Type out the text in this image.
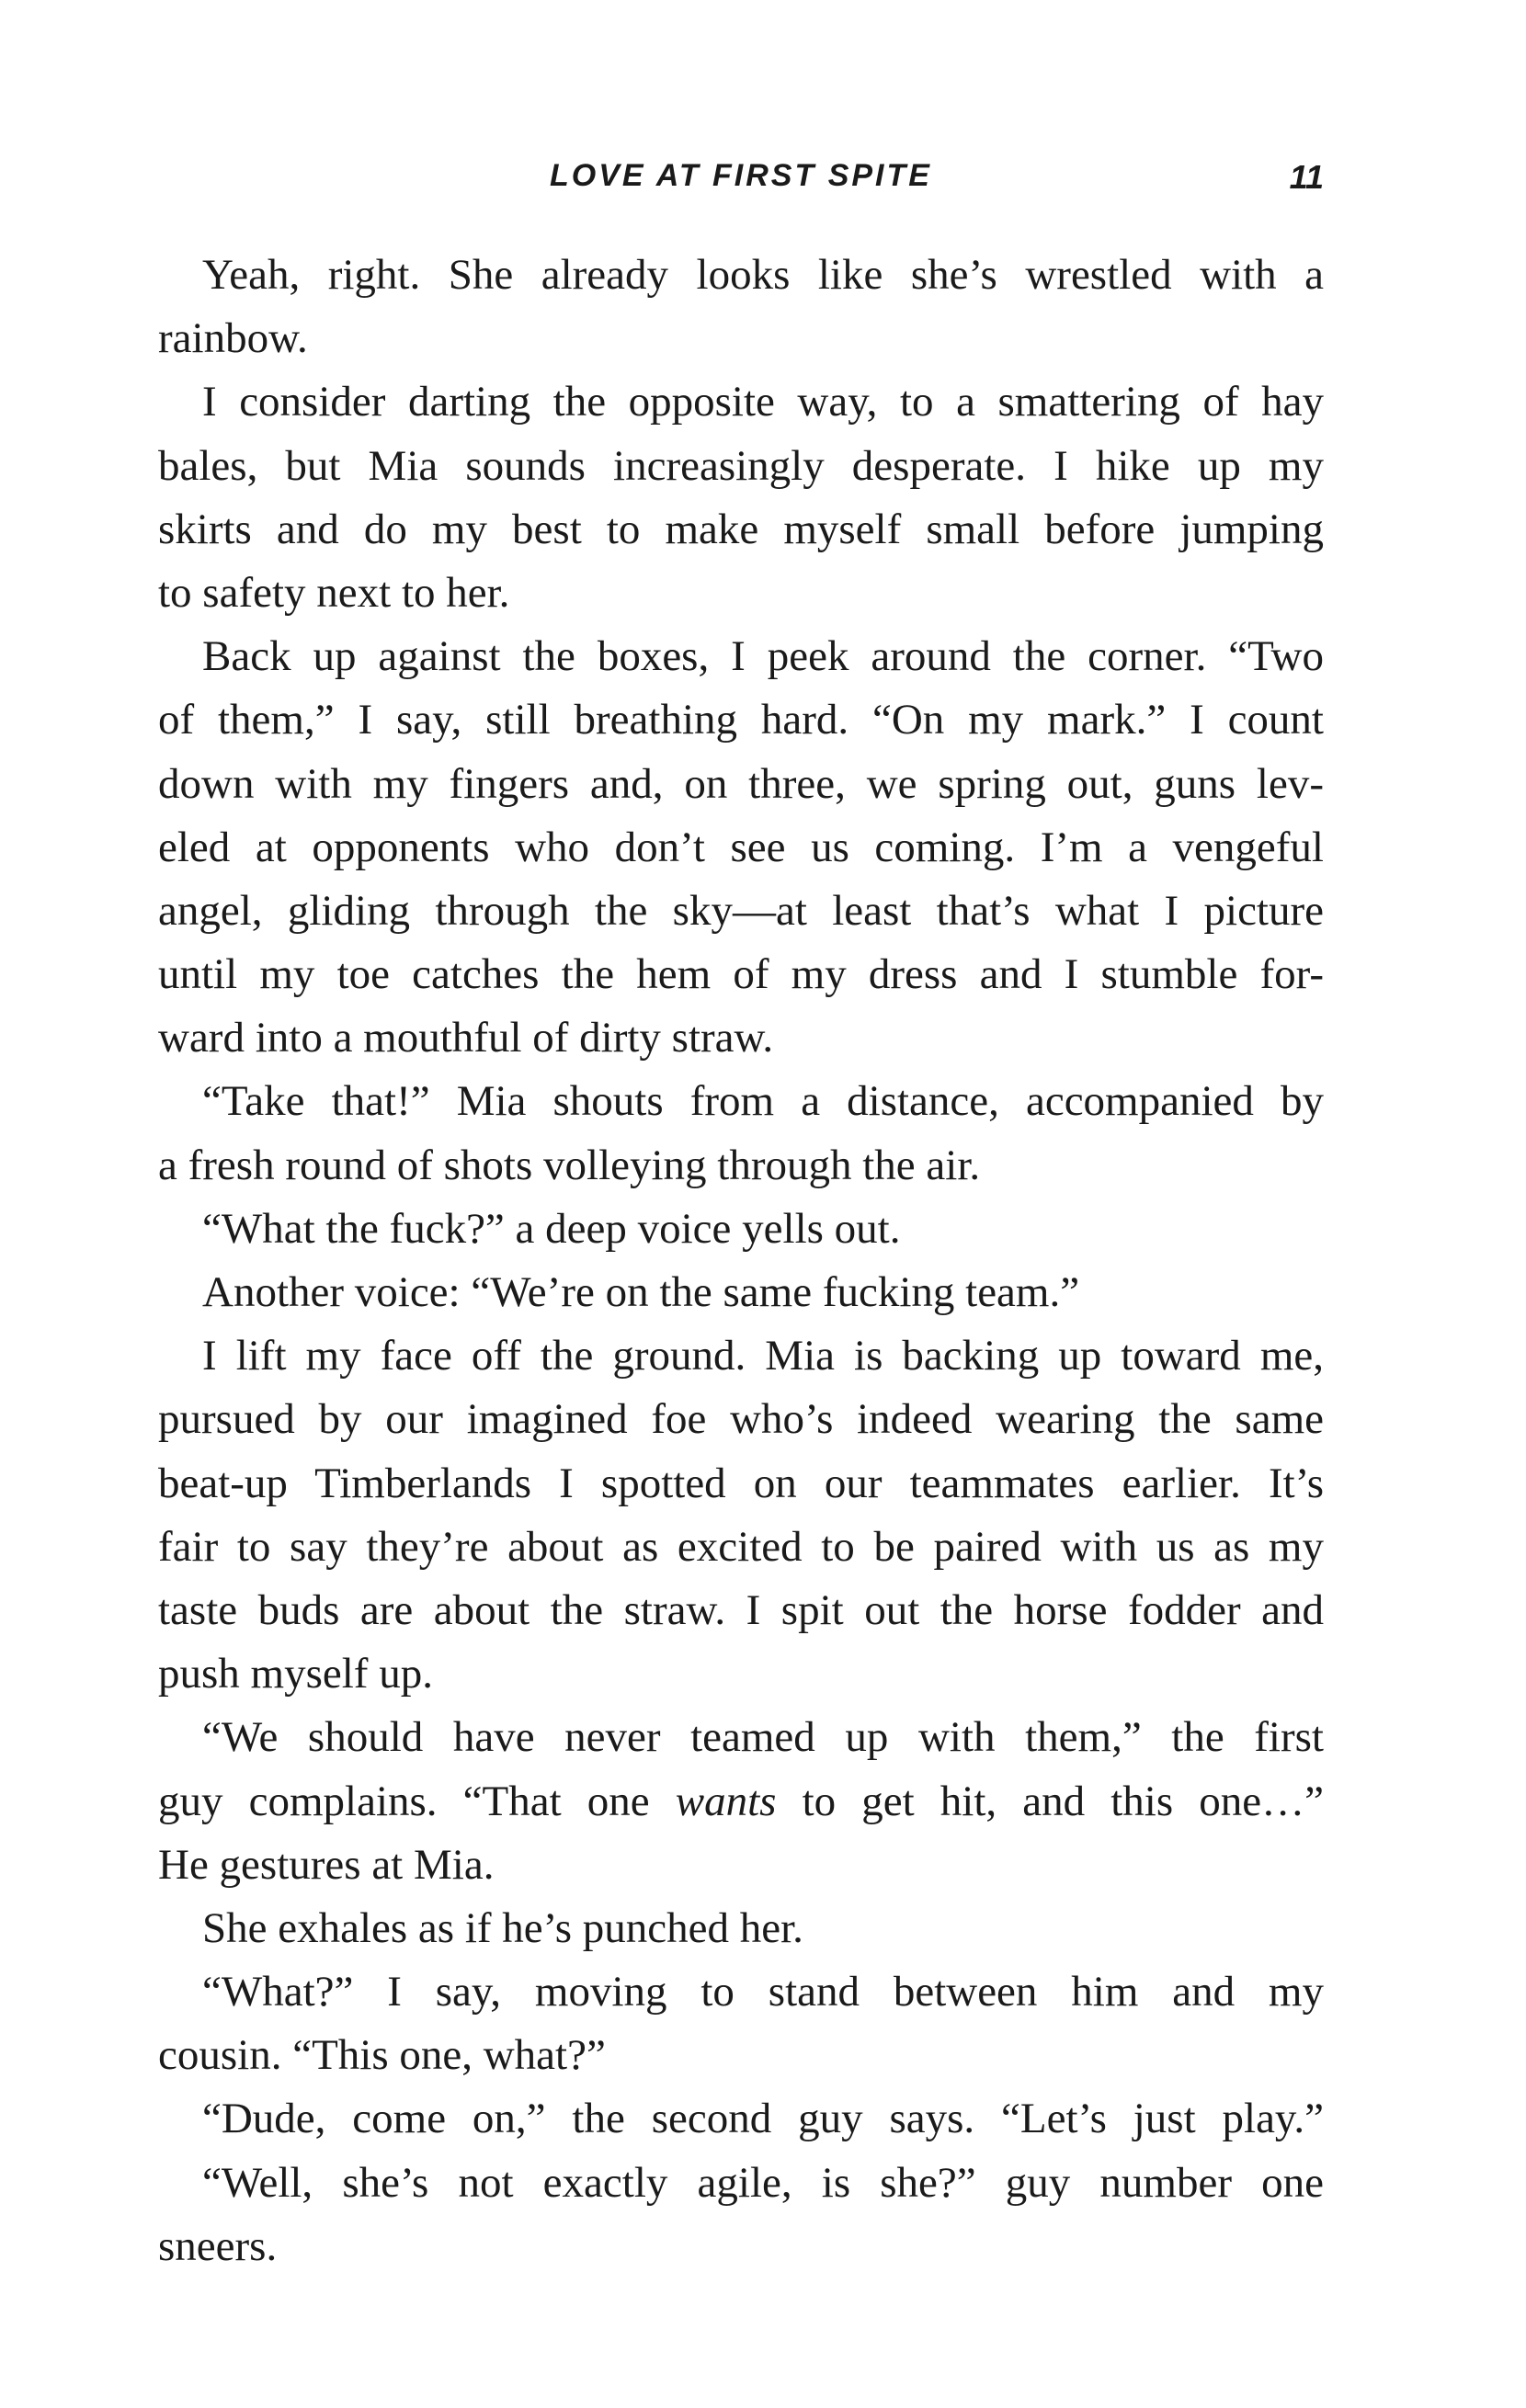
LOVE AT FIRST SPITE	11
Yeah, right. She already looks like she’s wrestled with a
rainbow.
I consider darting the opposite way, to a smattering of hay
bales, but Mia sounds increasingly desperate. I hike up my
skirts and do my best to make myself small before jumping
to safety next to her.
Back up against the boxes, I peek around the corner. “Two
of them,” I say, still breathing hard. “On my mark.” I count
down with my fingers and, on three, we spring out, guns lev-
eled at opponents who don’t see us coming. I’m a vengeful
angel, gliding through the sky—at least that’s what I picture
until my toe catches the hem of my dress and I stumble for-
ward into a mouthful of dirty straw.
“Take that!” Mia shouts from a distance, accompanied by
a fresh round of shots volleying through the air.
“What the fuck?” a deep voice yells out.
Another voice: “We’re on the same fucking team.”
I lift my face off the ground. Mia is backing up toward me,
pursued by our imagined foe who’s indeed wearing the same
beat-up Timberlands I spotted on our teammates earlier. It’s
fair to say they’re about as excited to be paired with us as my
taste buds are about the straw. I spit out the horse fodder and
push myself up.
“We should have never teamed up with them,” the first
guy complains. “That one wants to get hit, and this one…”
He gestures at Mia.
She exhales as if he’s punched her.
“What?” I say, moving to stand between him and my
cousin. “This one, what?”
“Dude, come on,” the second guy says. “Let’s just play.”
“Well, she’s not exactly agile, is she?” guy number one
sneers.
